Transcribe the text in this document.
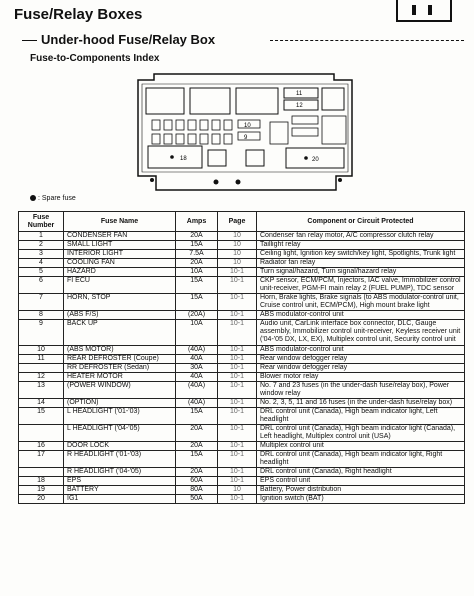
Fuse/Relay Boxes
Under-hood Fuse/Relay Box
Fuse-to-Components Index
11
12
10
9
18	20
: Spare fuse
Fuse Number	Fuse Name	Amps	Page	Component or Circuit Protected
1	CONDENSER FAN	20A	10	Condenser fan relay motor, A/C compressor clutch relay
2	SMALL LIGHT	15A	10	Taillight relay
3	INTERIOR LIGHT	7.5A	10	Ceiling light, Ignition key switch/key light, Spotlights, Trunk light
4	COOLING FAN	20A	10	Radiator fan relay
5	HAZARD	10A	10-1	Turn signal/hazard, Turn signal/hazard relay
6	FI ECU	15A	10-1	CKP sensor, ECM/PCM, Injectors, IAC valve, Immobilizer control unit-receiver, PGM-FI main relay 2 (FUEL PUMP), TDC sensor
7	HORN, STOP	15A	10-1	Horn, Brake lights, Brake signals (to ABS modulator-control unit, Cruise control unit, ECM/PCM), High mount brake light
8	(ABS F/S)	(20A)	10-1	ABS modulator-control unit
9	BACK UP	10A	10-1	Audio unit, CarLink interface box connector, DLC, Gauge assembly, Immobilizer control unit-receiver, Keyless receiver unit ('04-'05 DX, LX, EX), Multiplex control unit, Security control unit
10	(ABS MOTOR)	(40A)	10-1	ABS modulator-control unit
11	REAR DEFROSTER (Coupe)	40A	10-1	Rear window defogger relay
	RR DEFROSTER (Sedan)	30A	10-1	Rear window defogger relay
12	HEATER MOTOR	40A	10-1	Blower motor relay
13	(POWER WINDOW)	(40A)	10-1	No. 7 and 23 fuses (in the under-dash fuse/relay box), Power window relay
14	(OPTION)	(40A)	10-1	No. 2, 3, 5, 11 and 16 fuses (in the under-dash fuse/relay box)
15	L HEADLIGHT ('01-'03)	15A	10-1	DRL control unit (Canada), High beam indicator light, Left headlight
	L HEADLIGHT ('04-'05)	20A	10-1	DRL control unit (Canada), High beam indicator light (Canada), Left headlight, Multiplex control unit (USA)
16	DOOR LOCK	20A	10-1	Multiplex control unit
17	R HEADLIGHT ('01-'03)	15A	10-1	DRL control unit (Canada), High beam indicator light, Right headlight
	R HEADLIGHT ('04-'05)	20A	10-1	DRL control unit (Canada), Right headlight
18	EPS	60A	10-1	EPS control unit
19	BATTERY	80A	10	Battery, Power distribution
20	IG1	50A	10-1	Ignition switch (BAT)
